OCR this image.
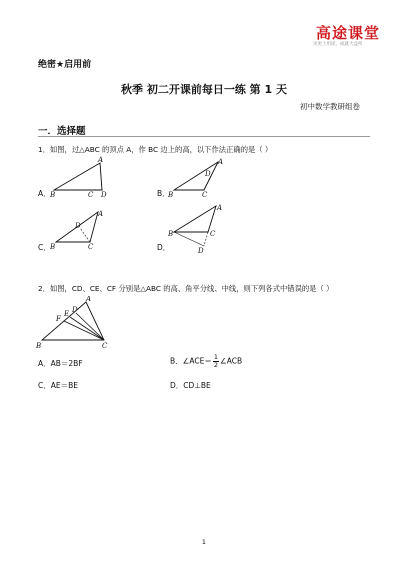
高途课堂
见更上用途，成就大益所
绝密★启用前
秋季 初二开课前每日一练 第 1 天
初中数学教研组卷
一．选择题
1．如图，过△ABC 的顶点 A，作 BC 边上的高，以下作法正确的是（ ）
A．
A
B	C D	B．
A
B	C
D
C．
A
B	C
D
D．
A
B	C
D
2．如图，CD、CE、CF 分别是△ABC 的高、角平分线、中线，则下列各式中错误的是（ ）
A
B	C
D
E
F
A．AB＝2BF	B．∠ACE＝ $\frac{1}{2}\angle ACB$
C．AE＝BE	D．CD⊥BE
1
